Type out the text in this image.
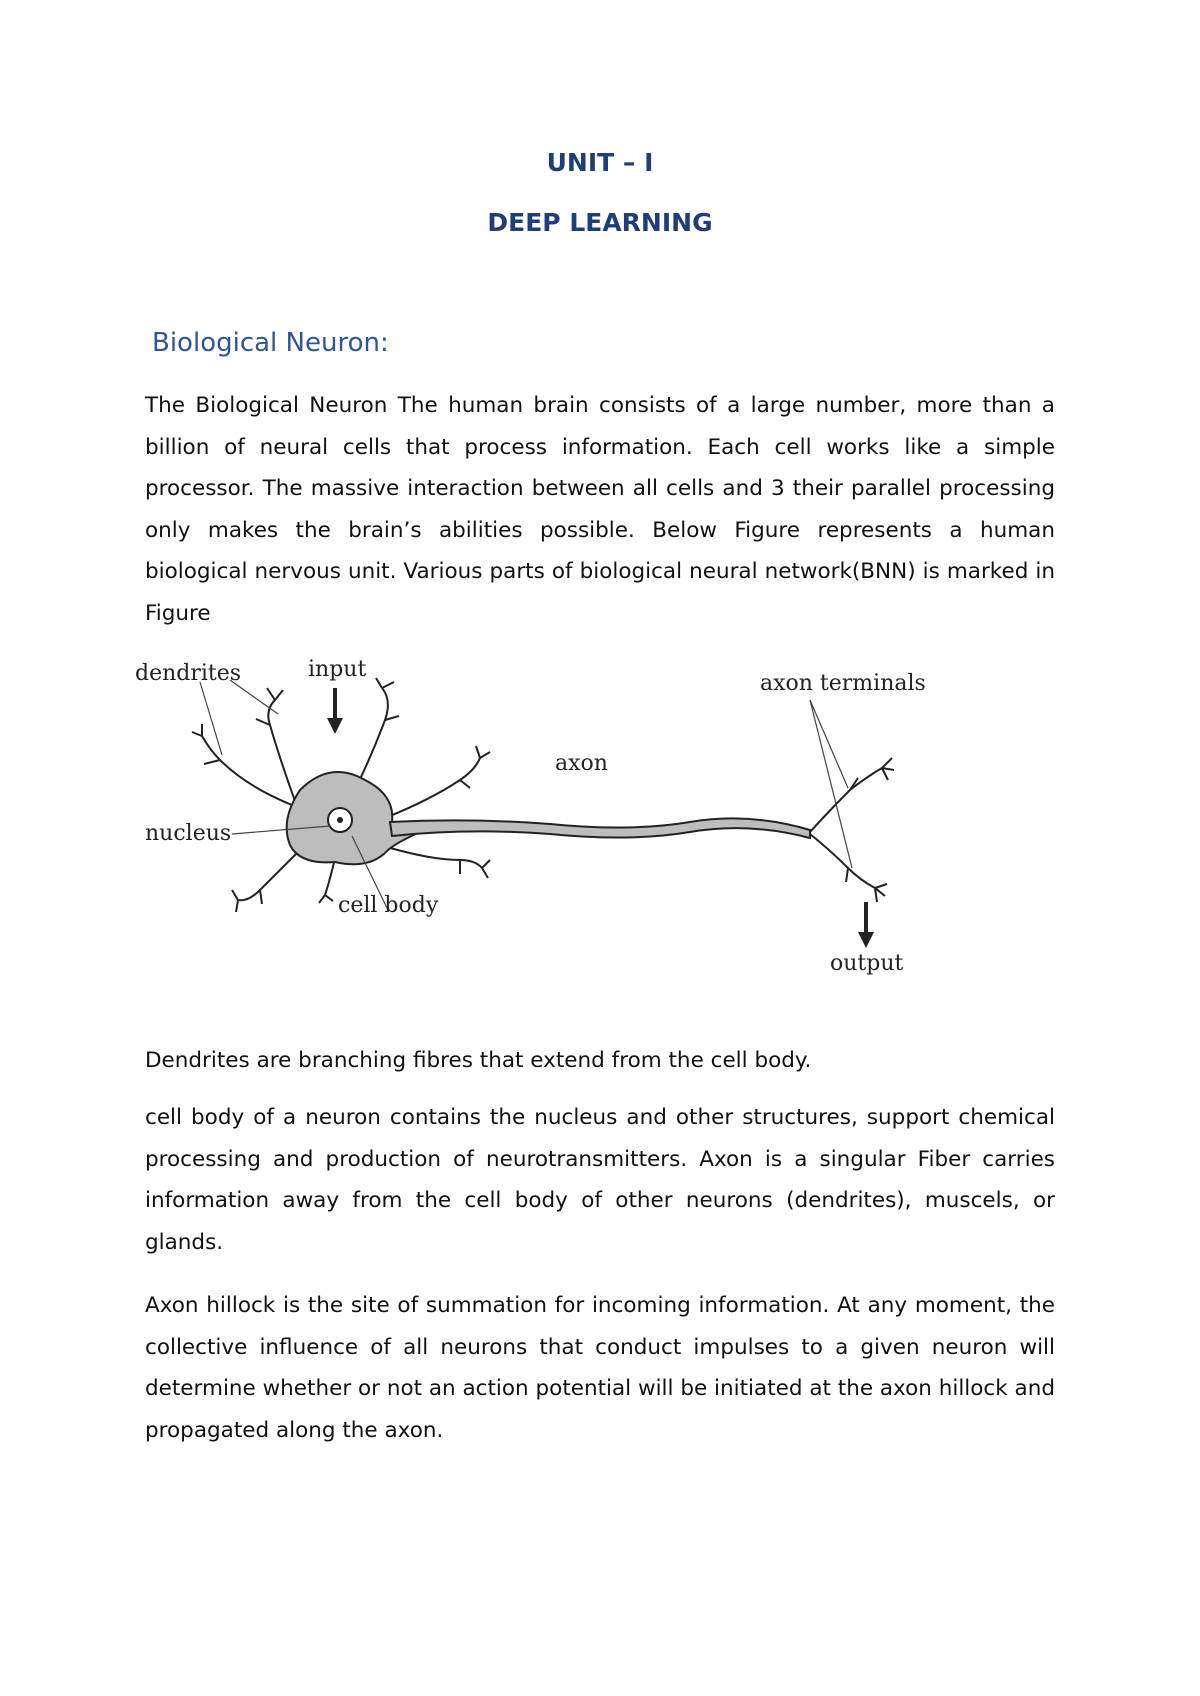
UNIT – I
DEEP LEARNING
Biological Neuron:

The Biological Neuron The human brain consists of a large number, more than a billion of neural cells that process information. Each cell works like a simple processor. The massive interaction between all cells and 3 their parallel processing only makes the brain’s abilities possible. Below Figure represents a human biological nervous unit. Various parts of biological neural network(BNN) is marked in Figure

input
output
dendrites
nucleus
cell body
axon
axon terminals

Dendrites are branching fibres that extend from the cell body.

cell body of a neuron contains the nucleus and other structures, support chemical processing and production of neurotransmitters. Axon is a singular Fiber carries information away from the cell body of other neurons (dendrites), muscels, or glands.

Axon hillock is the site of summation for incoming information. At any moment, the collective influence of all neurons that conduct impulses to a given neuron will determine whether or not an action potential will be initiated at the axon hillock and propagated along the axon.
